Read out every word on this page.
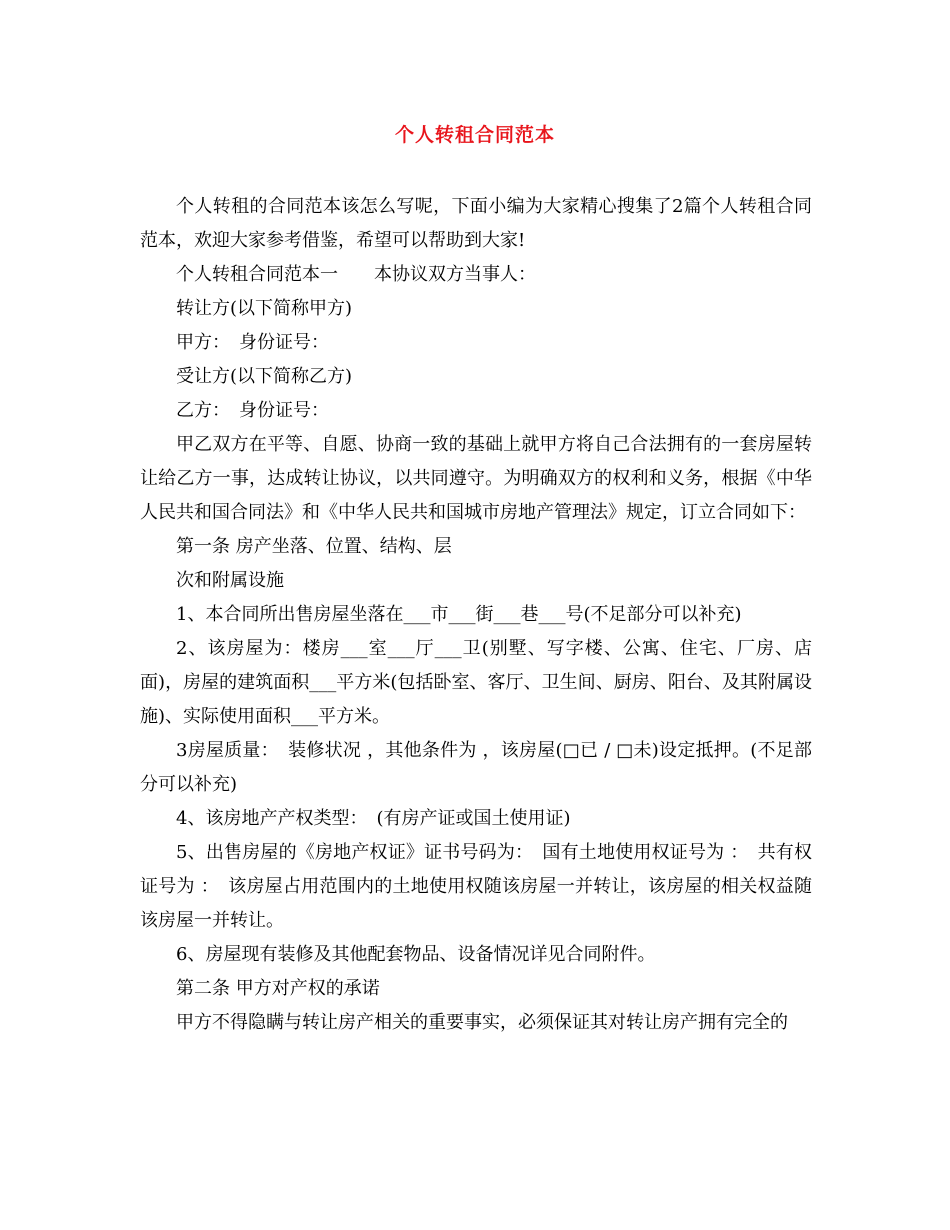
个人转租合同范本

个人转租的合同范本该怎么写呢，下面小编为大家精心搜集了2篇个人转租合同范本，欢迎大家参考借鉴，希望可以帮助到大家!

个人转租合同范本一　　本协议双方当事人：

转让方(以下简称甲方)

甲方：　身份证号：

受让方(以下简称乙方)

乙方：　身份证号：

甲乙双方在平等、自愿、协商一致的基础上就甲方将自己合法拥有的一套房屋转让给乙方一事，达成转让协议，以共同遵守。为明确双方的权利和义务，根据《中华人民共和国合同法》和《中华人民共和国城市房地产管理法》规定，订立合同如下：

第一条 房产坐落、位置、结构、层

次和附属设施

1、本合同所出售房屋坐落在___市___街___巷___号(不足部分可以补充)

2、该房屋为：楼房___室___厅___卫(别墅、写字楼、公寓、住宅、厂房、店面)，房屋的建筑面积___平方米(包括卧室、客厅、卫生间、厨房、阳台、及其附属设施)、实际使用面积___平方米。

3房屋质量：　装修状况 ，其他条件为 ，该房屋(□已 / □未)设定抵押。(不足部分可以补充)

4、该房地产产权类型：　(有房产证或国土使用证)

5、出售房屋的《房地产权证》证书号码为：　国有土地使用权证号为 ：　共有权证号为 ：　该房屋占用范围内的土地使用权随该房屋一并转让，该房屋的相关权益随该房屋一并转让。

6、房屋现有装修及其他配套物品、设备情况详见合同附件。

第二条 甲方对产权的承诺

甲方不得隐瞒与转让房产相关的重要事实，必须保证其对转让房产拥有完全的
